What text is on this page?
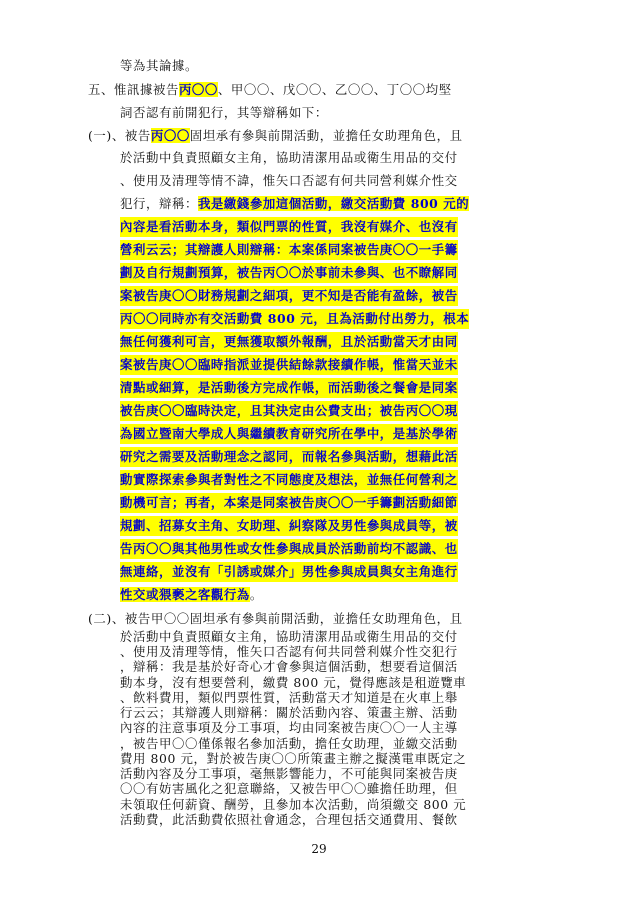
等為其論據。
五、惟訊據被告丙〇〇、甲〇〇、戊〇〇、乙〇〇、丁〇〇均堅
詞否認有前開犯行，其等辯稱如下：
(一)、被告丙〇〇固坦承有參與前開活動，並擔任女助理角色，且
於活動中負責照顧女主角，協助清潔用品或衛生用品的交付
、使用及清理等情不諱，惟矢口否認有何共同營利媒介性交
犯行，辯稱：我是繳錢參加這個活動，繳交活動費 800 元的
內容是看活動本身，類似門票的性質，我沒有媒介、也沒有
營利云云；其辯護人則辯稱：本案係同案被告庚〇〇一手籌
劃及自行規劃預算，被告丙〇〇於事前未參與、也不瞭解同
案被告庚〇〇財務規劃之細項，更不知是否能有盈餘，被告
丙〇〇同時亦有交活動費 800 元，且為活動付出勞力，根本
無任何獲利可言，更無獲取額外報酬，且於活動當天才由同
案被告庚〇〇臨時指派並提供結餘款接續作帳，惟當天並未
清點或細算，是活動後方完成作帳，而活動後之餐會是同案
被告庚〇〇臨時決定，且其決定由公費支出；被告丙〇〇現
為國立暨南大學成人與繼續教育研究所在學中，是基於學術
研究之需要及活動理念之認同，而報名參與活動，想藉此活
動實際探索參與者對性之不同態度及想法，並無任何營利之
動機可言；再者，本案是同案被告庚〇〇一手籌劃活動細節
規劃、招募女主角、女助理、糾察隊及男性參與成員等，被
告丙〇〇與其他男性或女性參與成員於活動前均不認識、也
無連絡，並沒有「引誘或媒介」男性參與成員與女主角進行
性交或猥褻之客觀行為。
(二)、被告甲〇〇固坦承有參與前開活動，並擔任女助理角色，且
29
於活動中負責照顧女主角，協助清潔用品或衛生用品的交付
、使用及清理等情，惟矢口否認有何共同營利媒介性交犯行
，辯稱：我是基於好奇心才會參與這個活動，想要看這個活
動本身，沒有想要營利，繳費 800 元，覺得應該是租遊覽車
、飲料費用，類似門票性質，活動當天才知道是在火車上舉
行云云；其辯護人則辯稱：關於活動內容、策畫主辦、活動
內容的注意事項及分工事項，均由同案被告庚〇〇一人主導
，被告甲〇〇僅係報名參加活動，擔任女助理，並繳交活動
費用 800 元，對於被告庚〇〇所策畫主辦之擬漢電車既定之
活動內容及分工事項，毫無影響能力，不可能與同案被告庚
〇〇有妨害風化之犯意聯絡，又被告甲〇〇雖擔任助理，但
未領取任何薪資、酬勞，且參加本次活動，尚須繳交 800 元
活動費，此活動費依照社會通念，合理包括交通費用、餐飲
